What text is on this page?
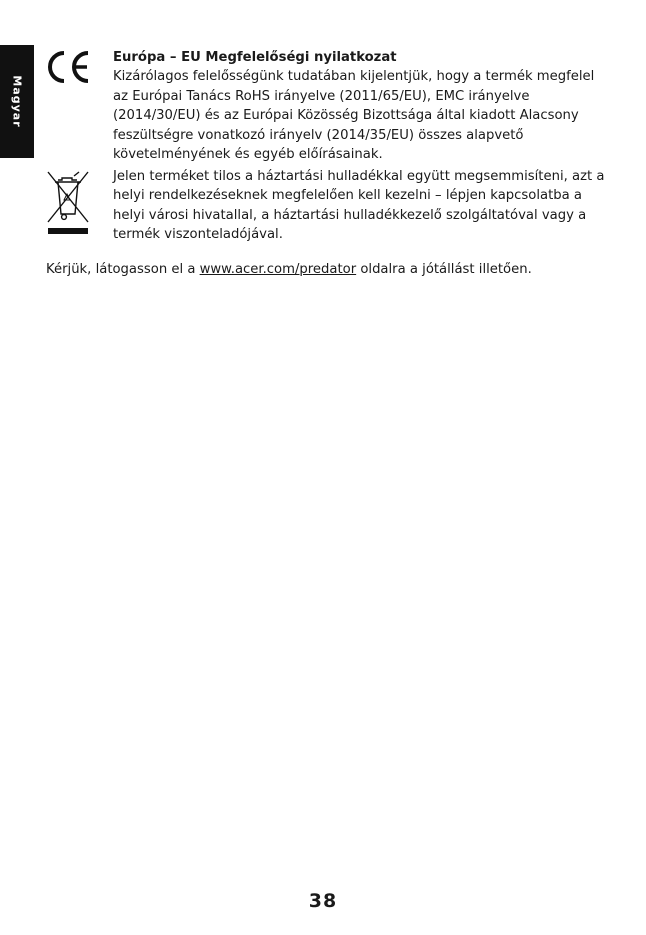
Magyar
Európa – EU Megfelelőségi nyilatkozat
Kizárólagos felelősségünk tudatában kijelentjük, hogy a termék megfelel az Európai Tanács RoHS irányelve (2011/65/EU), EMC irányelve (2014/30/EU) és az Európai Közösség Bizottsága által kiadott Alacsony feszültségre vonatkozó irányelv (2014/35/EU) összes alapvető követelményének és egyéb előírásainak.
Jelen terméket tilos a háztartási hulladékkal együtt megsemmisíteni, azt a helyi rendelkezéseknek megfelelően kell kezelni – lépjen kapcsolatba a helyi városi hivatallal, a háztartási hulladékkezelő szolgáltatóval vagy a termék viszonteladójával.
Kérjük, látogasson el a www.acer.com/predator oldalra a jótállást illetően.
38
